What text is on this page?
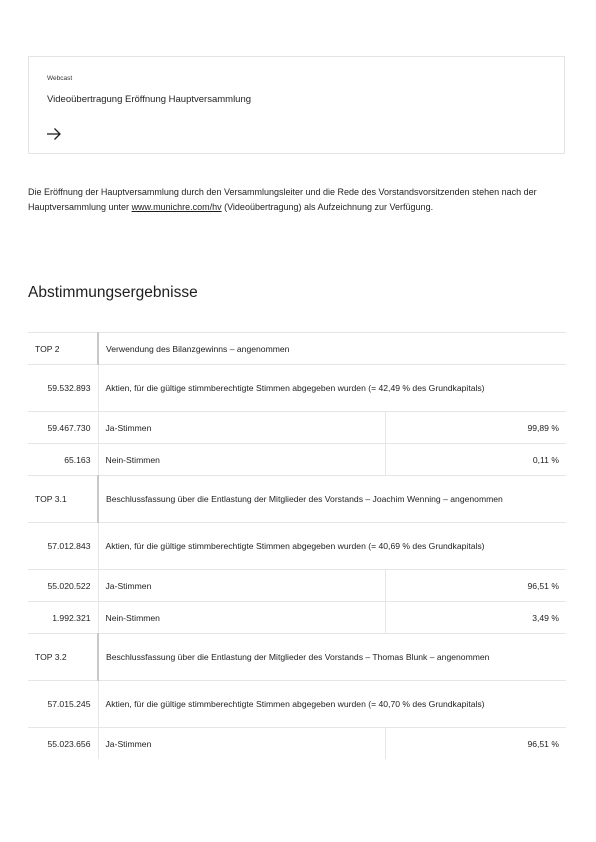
Webcast
Videoübertragung Eröffnung Hauptversammlung

Die Eröffnung der Hauptversammlung durch den Versammlungsleiter und die Rede des Vorstandsvorsitzenden stehen nach der Hauptversammlung unter www.munichre.com/hv (Videoübertragung) als Aufzeichnung zur Verfügung.

Abstimmungsergebnisse
TOP 2	Verwendung des Bilanzgewinns – angenommen	
59.532.893	Aktien, für die gültige stimmberechtigte Stimmen abgegeben wurden (= 42,49 % des Grundkapitals)	
59.467.730	Ja-Stimmen	99,89 %
65.163	Nein-Stimmen	0,11 %
TOP 3.1	Beschlussfassung über die Entlastung der Mitglieder des Vorstands – Joachim Wenning – angenommen	
57.012.843	Aktien, für die gültige stimmberechtigte Stimmen abgegeben wurden (= 40,69 % des Grundkapitals)	
55.020.522	Ja-Stimmen	96,51 %
1.992.321	Nein-Stimmen	3,49 %
TOP 3.2	Beschlussfassung über die Entlastung der Mitglieder des Vorstands – Thomas Blunk – angenommen	
57.015.245	Aktien, für die gültige stimmberechtigte Stimmen abgegeben wurden (= 40,70 % des Grundkapitals)	
55.023.656	Ja-Stimmen	96,51 %
